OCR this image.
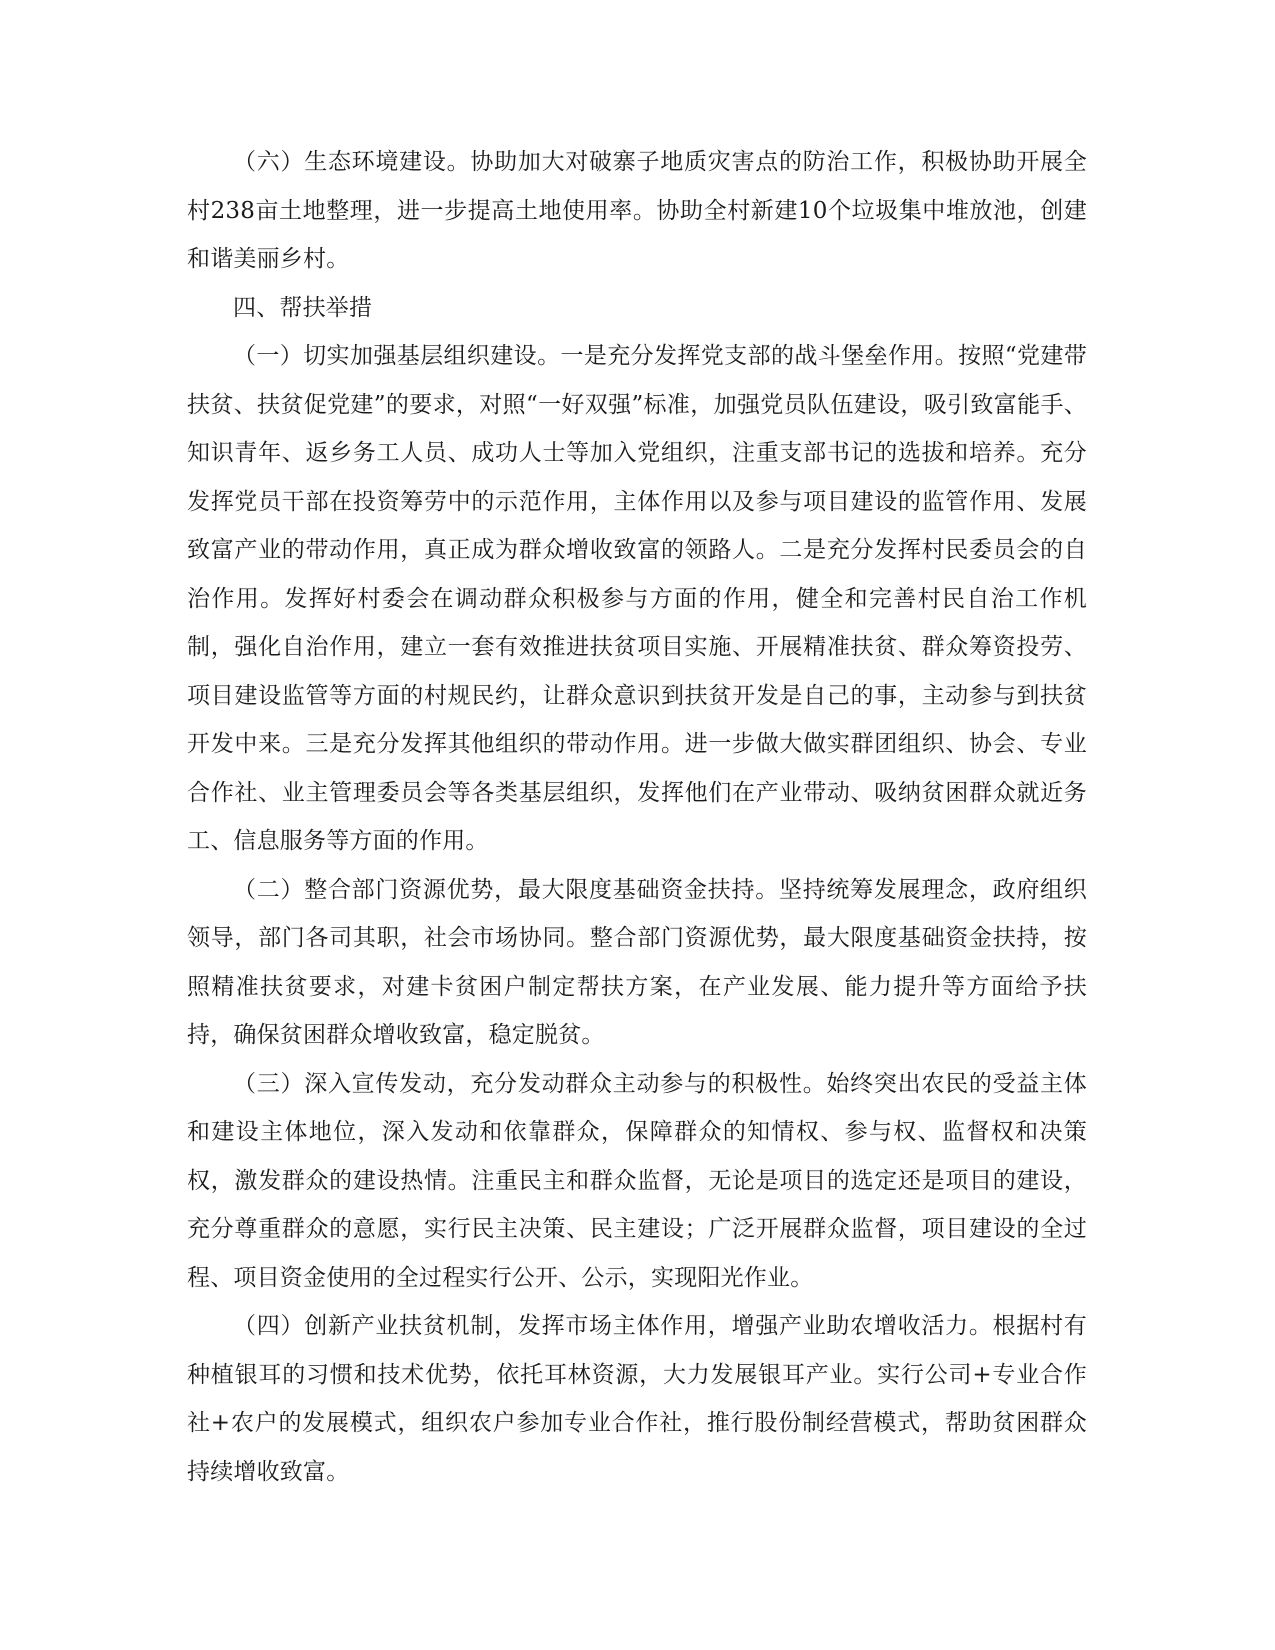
（六）生态环境建设。协助加大对破寨子地质灾害点的防治工作，积极协助开展全村238亩土地整理，进一步提高土地使用率。协助全村新建10个垃圾集中堆放池，创建和谐美丽乡村。

四、帮扶举措

（一）切实加强基层组织建设。一是充分发挥党支部的战斗堡垒作用。按照“党建带扶贫、扶贫促党建”的要求，对照“一好双强”标准，加强党员队伍建设，吸引致富能手、知识青年、返乡务工人员、成功人士等加入党组织，注重支部书记的选拔和培养。充分发挥党员干部在投资筹劳中的示范作用，主体作用以及参与项目建设的监管作用、发展致富产业的带动作用，真正成为群众增收致富的领路人。二是充分发挥村民委员会的自治作用。发挥好村委会在调动群众积极参与方面的作用，健全和完善村民自治工作机制，强化自治作用，建立一套有效推进扶贫项目实施、开展精准扶贫、群众筹资投劳、项目建设监管等方面的村规民约，让群众意识到扶贫开发是自己的事，主动参与到扶贫开发中来。三是充分发挥其他组织的带动作用。进一步做大做实群团组织、协会、专业合作社、业主管理委员会等各类基层组织，发挥他们在产业带动、吸纳贫困群众就近务工、信息服务等方面的作用。

（二）整合部门资源优势，最大限度基础资金扶持。坚持统筹发展理念，政府组织领导，部门各司其职，社会市场协同。整合部门资源优势，最大限度基础资金扶持，按照精准扶贫要求，对建卡贫困户制定帮扶方案，在产业发展、能力提升等方面给予扶持，确保贫困群众增收致富，稳定脱贫。

（三）深入宣传发动，充分发动群众主动参与的积极性。始终突出农民的受益主体和建设主体地位，深入发动和依靠群众，保障群众的知情权、参与权、监督权和决策权，激发群众的建设热情。注重民主和群众监督，无论是项目的选定还是项目的建设，充分尊重群众的意愿，实行民主决策、民主建设；广泛开展群众监督，项目建设的全过程、项目资金使用的全过程实行公开、公示，实现阳光作业。

（四）创新产业扶贫机制，发挥市场主体作用，增强产业助农增收活力。根据村有种植银耳的习惯和技术优势，依托耳林资源，大力发展银耳产业。实行公司+专业合作社+农户的发展模式，组织农户参加专业合作社，推行股份制经营模式，帮助贫困群众持续增收致富。
